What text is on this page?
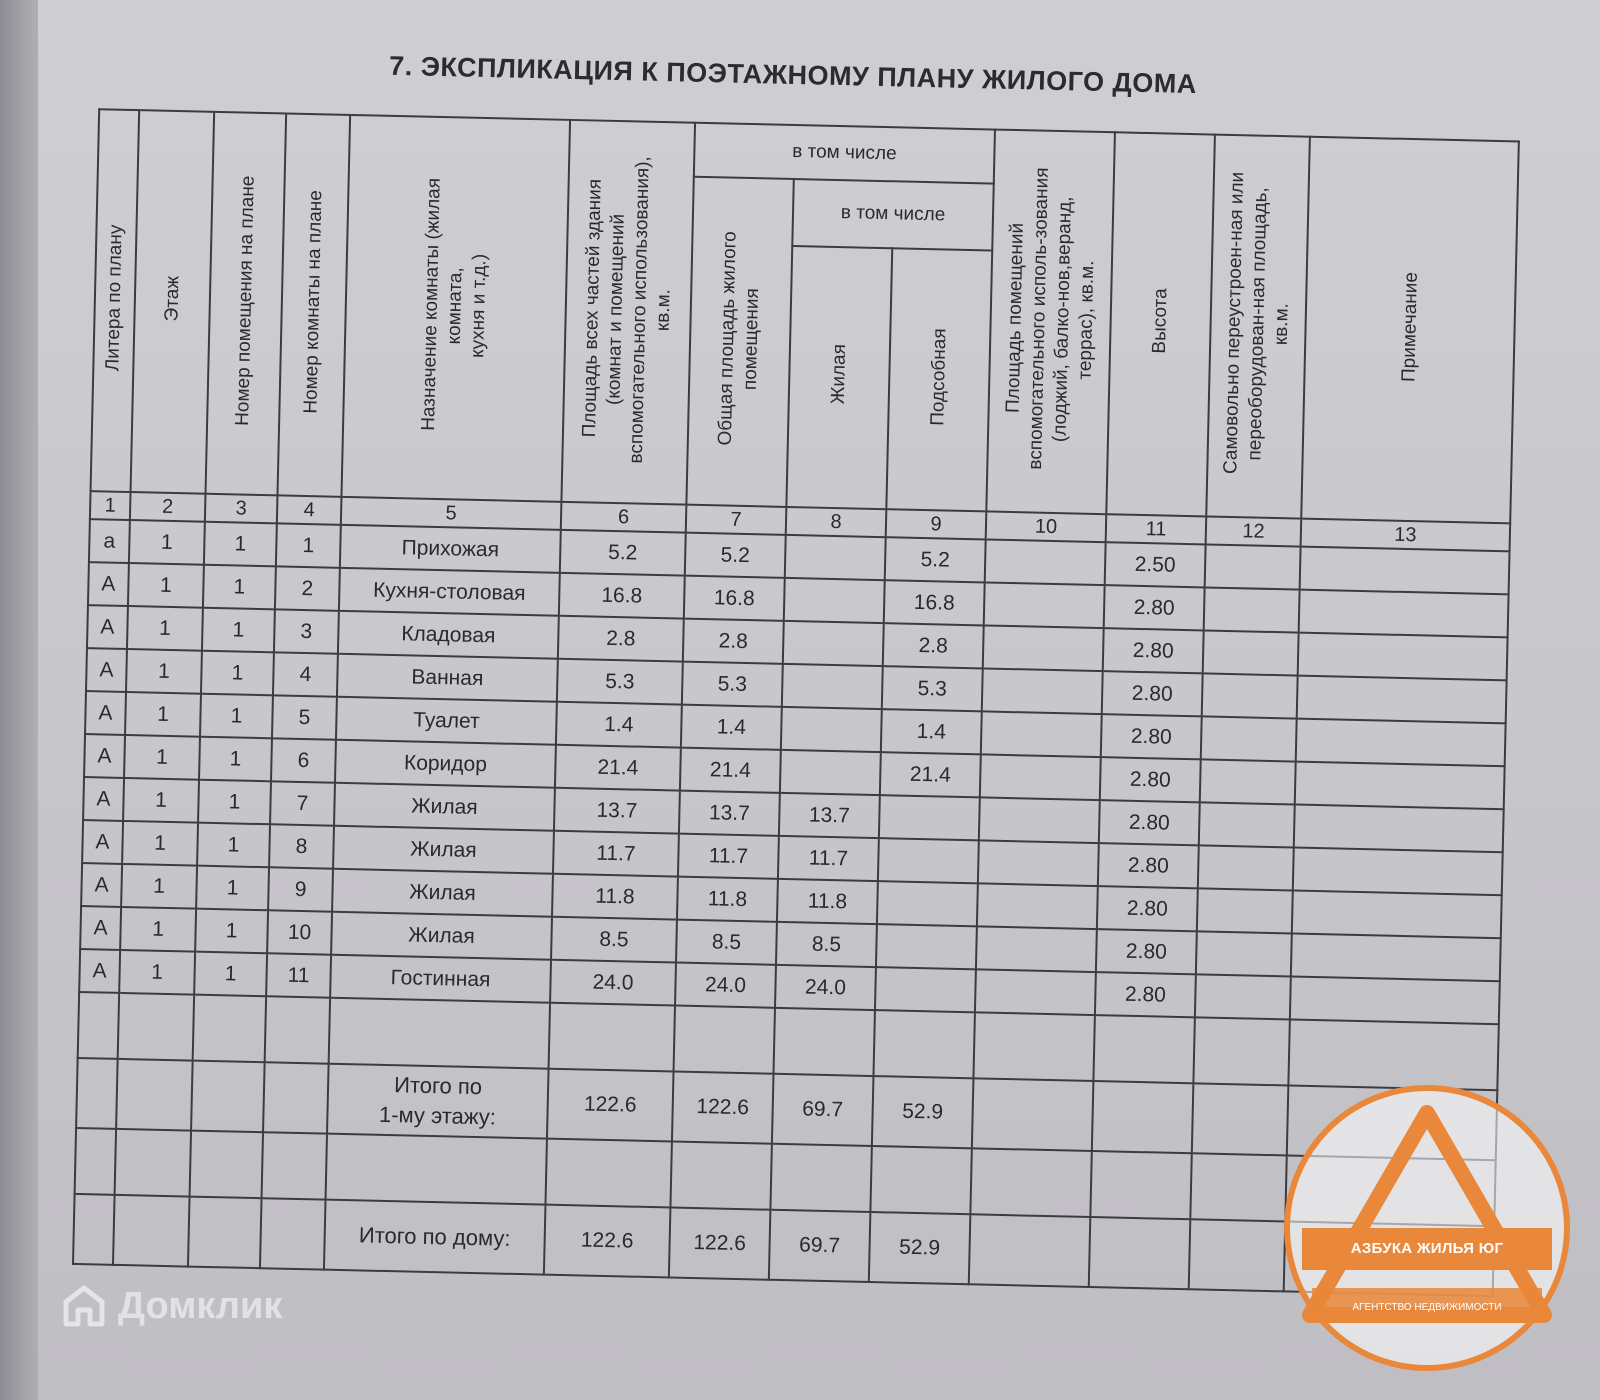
7. ЭКСПЛИКАЦИЯ К ПОЭТАЖНОМУ ПЛАНУ ЖИЛОГО ДОМА
Литера по плану	Этаж	Номер помещения на плане	Номер комнаты на плане	Назначение комнаты (жилая комната,
кухня и т.д.)	Площадь всех частей здания (комнат и помещений вспомогательного использования), кв.м.	в том числе			Площадь помещений вспомогательного исполь-зования (лоджий, балко-нов,веранд, террас), кв.м.	Высота	Самовольно переустроен-ная или переоборудован-ная площадь, кв.м.	Примечание
						Общая площадь жилого помещения	в том числе					
							Жилая	Подсобная				
1	2	3	4	5	6	7	8	9	10	11	12	13
а	1	1	1	Прихожая	5.2	5.2		5.2		2.50		
А	1	1	2	Кухня-столовая	16.8	16.8		16.8		2.80		
А	1	1	3	Кладовая	2.8	2.8		2.8		2.80		
А	1	1	4	Ванная	5.3	5.3		5.3		2.80		
А	1	1	5	Туалет	1.4	1.4		1.4		2.80		
А	1	1	6	Коридор	21.4	21.4		21.4		2.80		
А	1	1	7	Жилая	13.7	13.7	13.7			2.80		
А	1	1	8	Жилая	11.7	11.7	11.7			2.80		
А	1	1	9	Жилая	11.8	11.8	11.8			2.80		
А	1	1	10	Жилая	8.5	8.5	8.5			2.80		
А	1	1	11	Гостинная	24.0	24.0	24.0			2.80		

				Итого по
1-му этажу:	122.6	122.6	69.7	52.9				

				Итого по дому:	122.6	122.6	69.7	52.9				
Домклик
АЗБУКА ЖИЛЬЯ ЮГ
АГЕНТСТВО НЕДВИЖИМОСТИ
